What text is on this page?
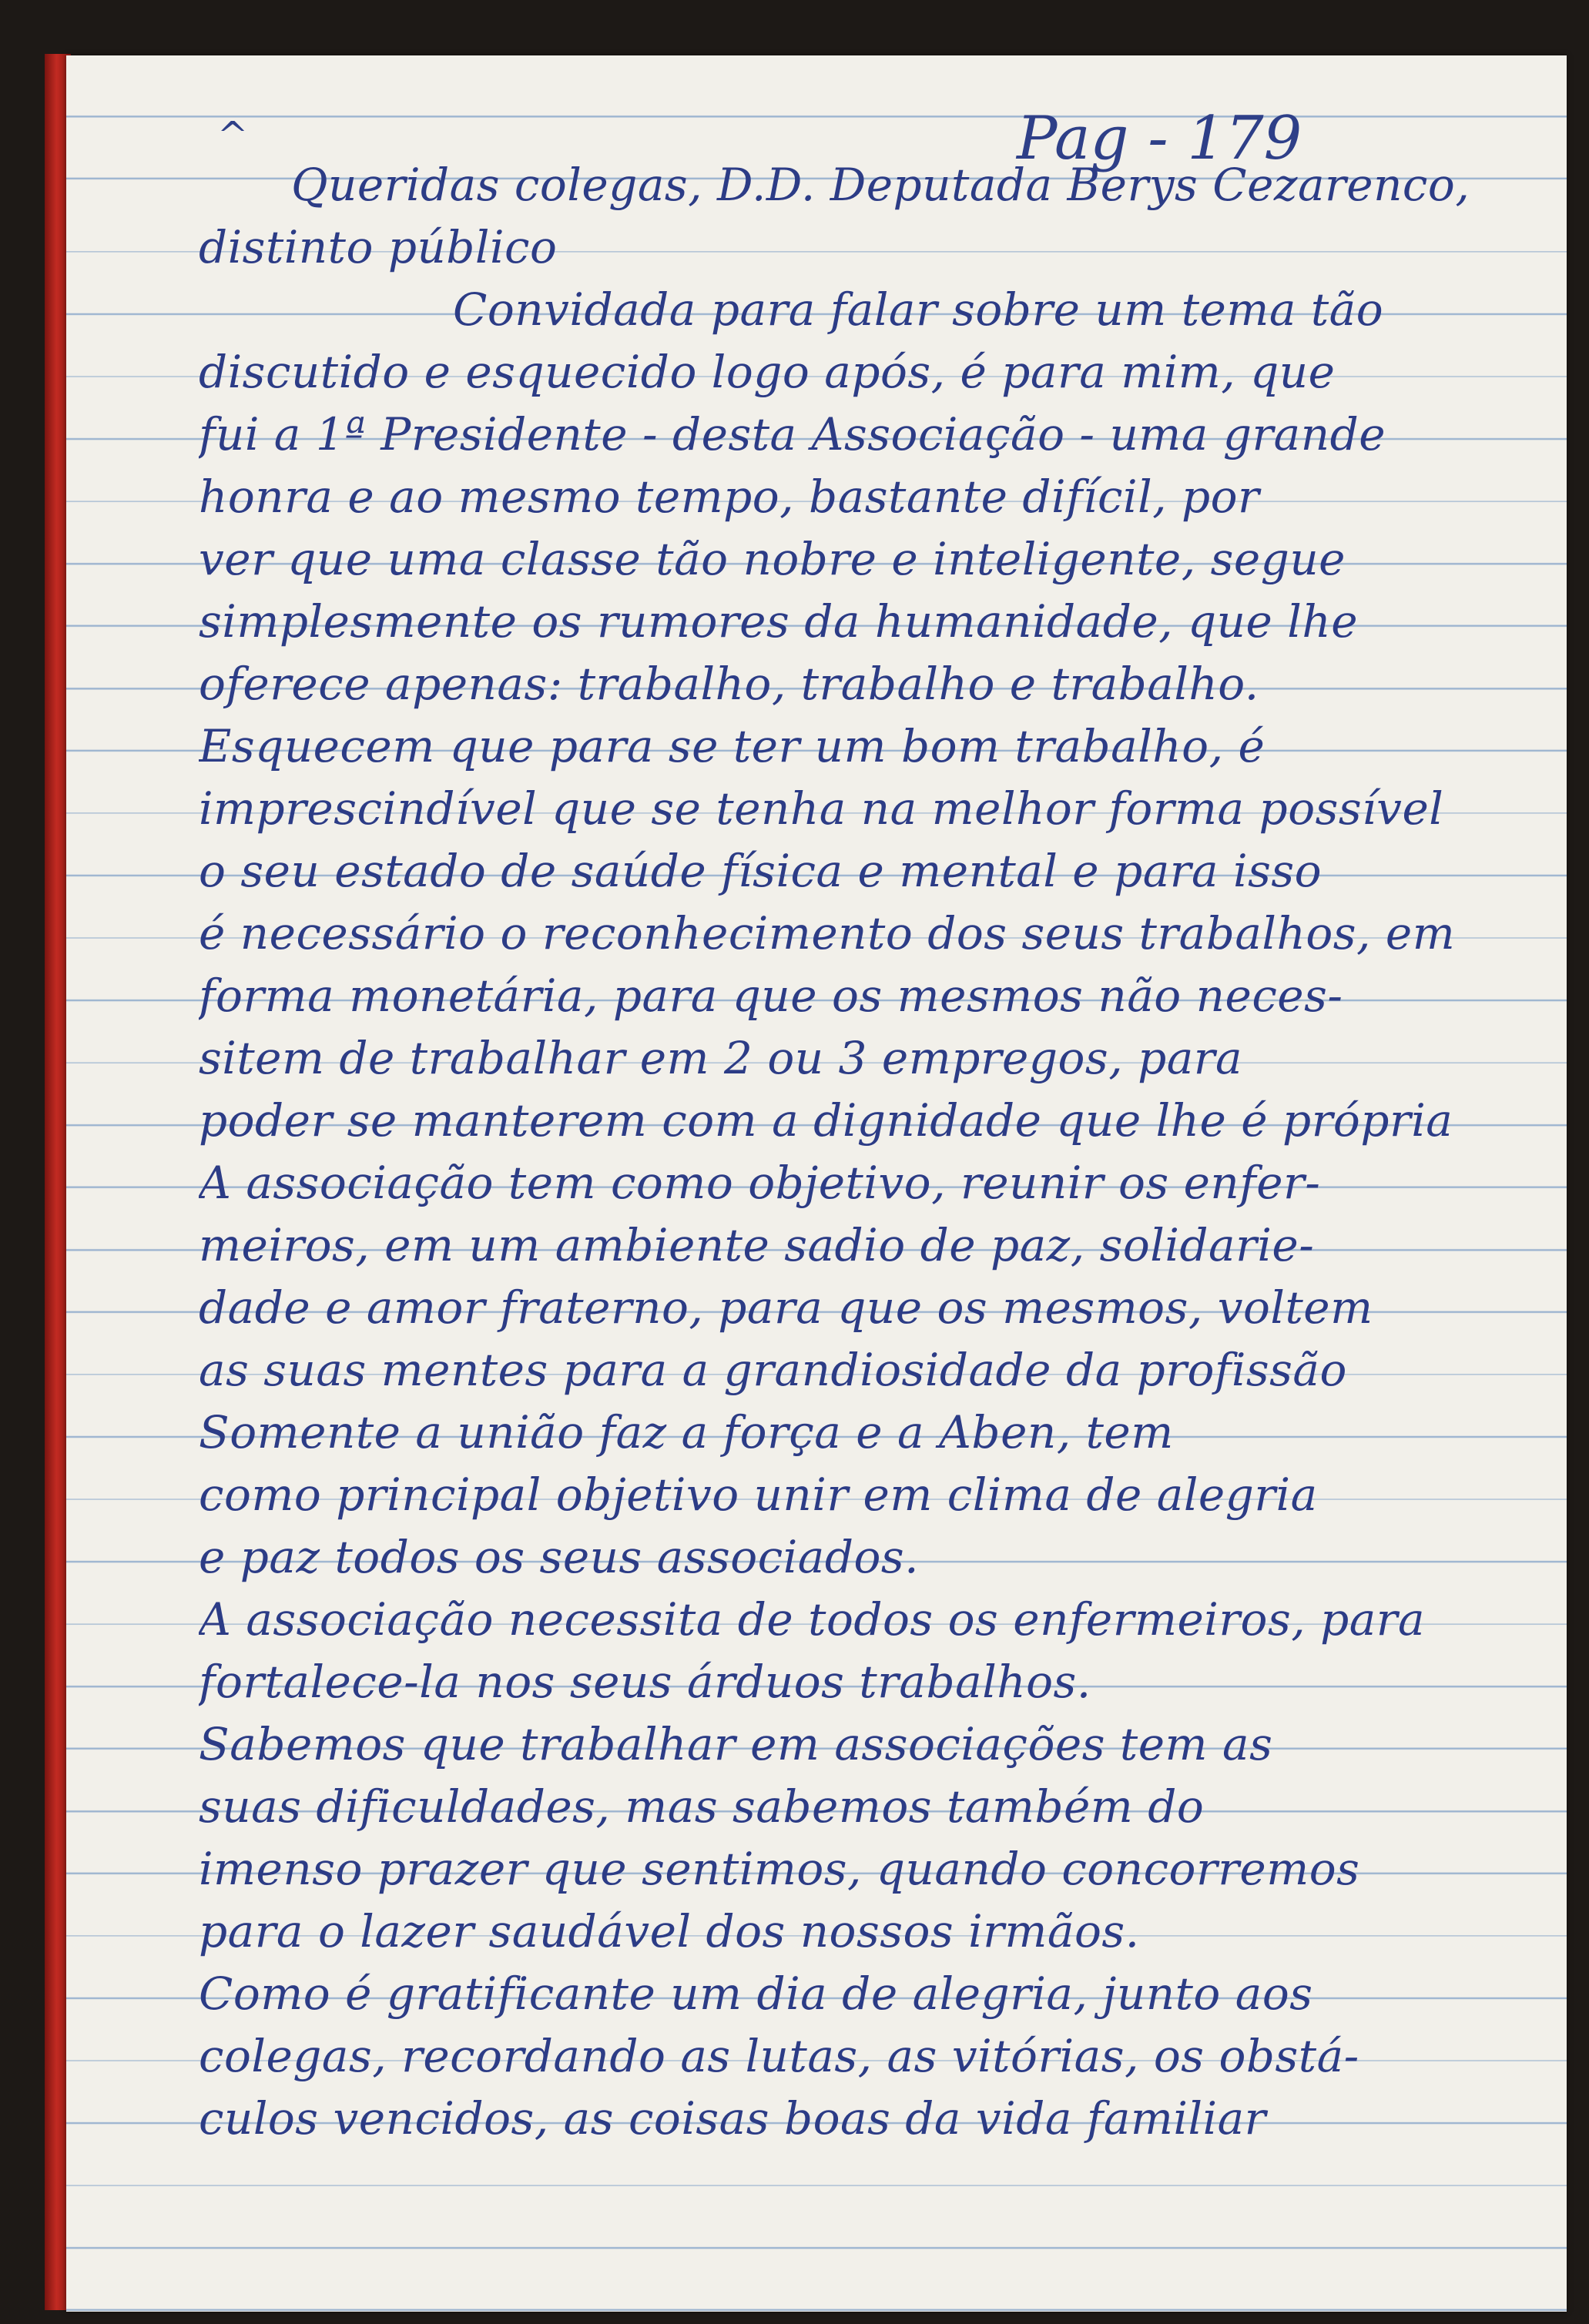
^	Pag - 179
Queridas colegas, D.D. Deputada Berys Cezarenco,
distinto público
Convidada para falar sobre um tema tão
discutido e esquecido logo após, é para mim, que
fui a 1ª Presidente - desta Associação - uma grande
honra e ao mesmo tempo, bastante difícil, por
ver que uma classe tão nobre e inteligente, segue
simplesmente os rumores da humanidade, que lhe
oferece apenas: trabalho, trabalho e trabalho.
Esquecem que para se ter um bom trabalho, é
imprescindível que se tenha na melhor forma possível
o seu estado de saúde física e mental e para isso
é necessário o reconhecimento dos seus trabalhos, em
forma monetária, para que os mesmos não neces-
sitem de trabalhar em 2 ou 3 empregos, para
poder se manterem com a dignidade que lhe é própria
A associação tem como objetivo, reunir os enfer-
meiros, em um ambiente sadio de paz, solidarie-
dade e amor fraterno, para que os mesmos, voltem
as suas mentes para a grandiosidade da profissão
Somente a união faz a força e a Aben, tem
como principal objetivo unir em clima de alegria
e paz todos os seus associados.
A associação necessita de todos os enfermeiros, para
fortalece-la nos seus árduos trabalhos.
Sabemos que trabalhar em associações tem as
suas dificuldades, mas sabemos também do
imenso prazer que sentimos, quando concorremos
para o lazer saudável dos nossos irmãos.
Como é gratificante um dia de alegria, junto aos
colegas, recordando as lutas, as vitórias, os obstá-
culos vencidos, as coisas boas da vida familiar
